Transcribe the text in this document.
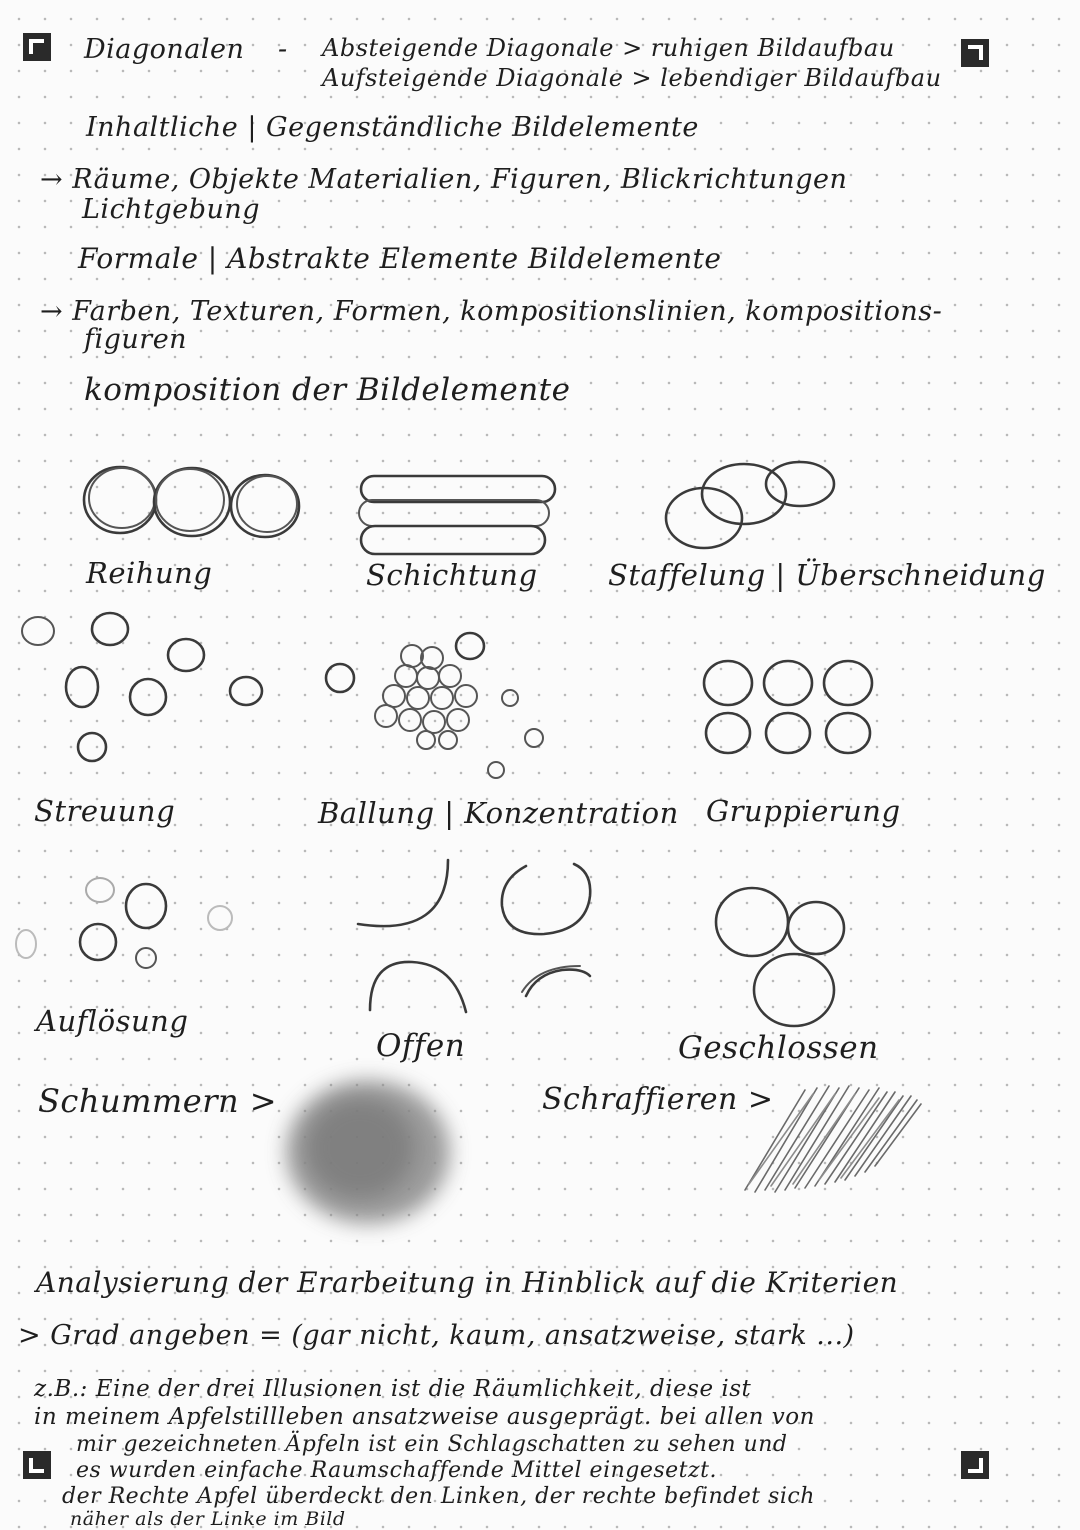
Diagonalen - Absteigende Diagonale > ruhigen Bildaufbau
Aufsteigende Diagonale > lebendiger Bildaufbau
Inhaltliche | Gegenständliche Bildelemente
→ Räume, Objekte Materialien, Figuren, Blickrichtungen
Lichtgebung
Formale | Abstrakte Elemente Bildelemente
→ Farben, Texturen, Formen, kompositionslinien, kompositions-
figuren
komposition der Bildelemente
Reihung	Schichtung Staffelung | Überschneidung
Streuung	Ballung | Konzentration Gruppierung
Auflösung
Offen	Geschlossen
Schummern >	Schraffieren >
Analysierung der Erarbeitung in Hinblick auf die Kriterien
> Grad angeben = (gar nicht, kaum, ansatzweise, stark ...)
z.B.: Eine der drei Illusionen ist die Räumlichkeit, diese ist
in meinem Apfelstillleben ansatzweise ausgeprägt. bei allen von
mir gezeichneten Äpfeln ist ein Schlagschatten zu sehen und
es wurden einfache Raumschaffende Mittel eingesetzt.
der Rechte Apfel überdeckt den Linken, der rechte befindet sich
näher als der Linke im Bild
